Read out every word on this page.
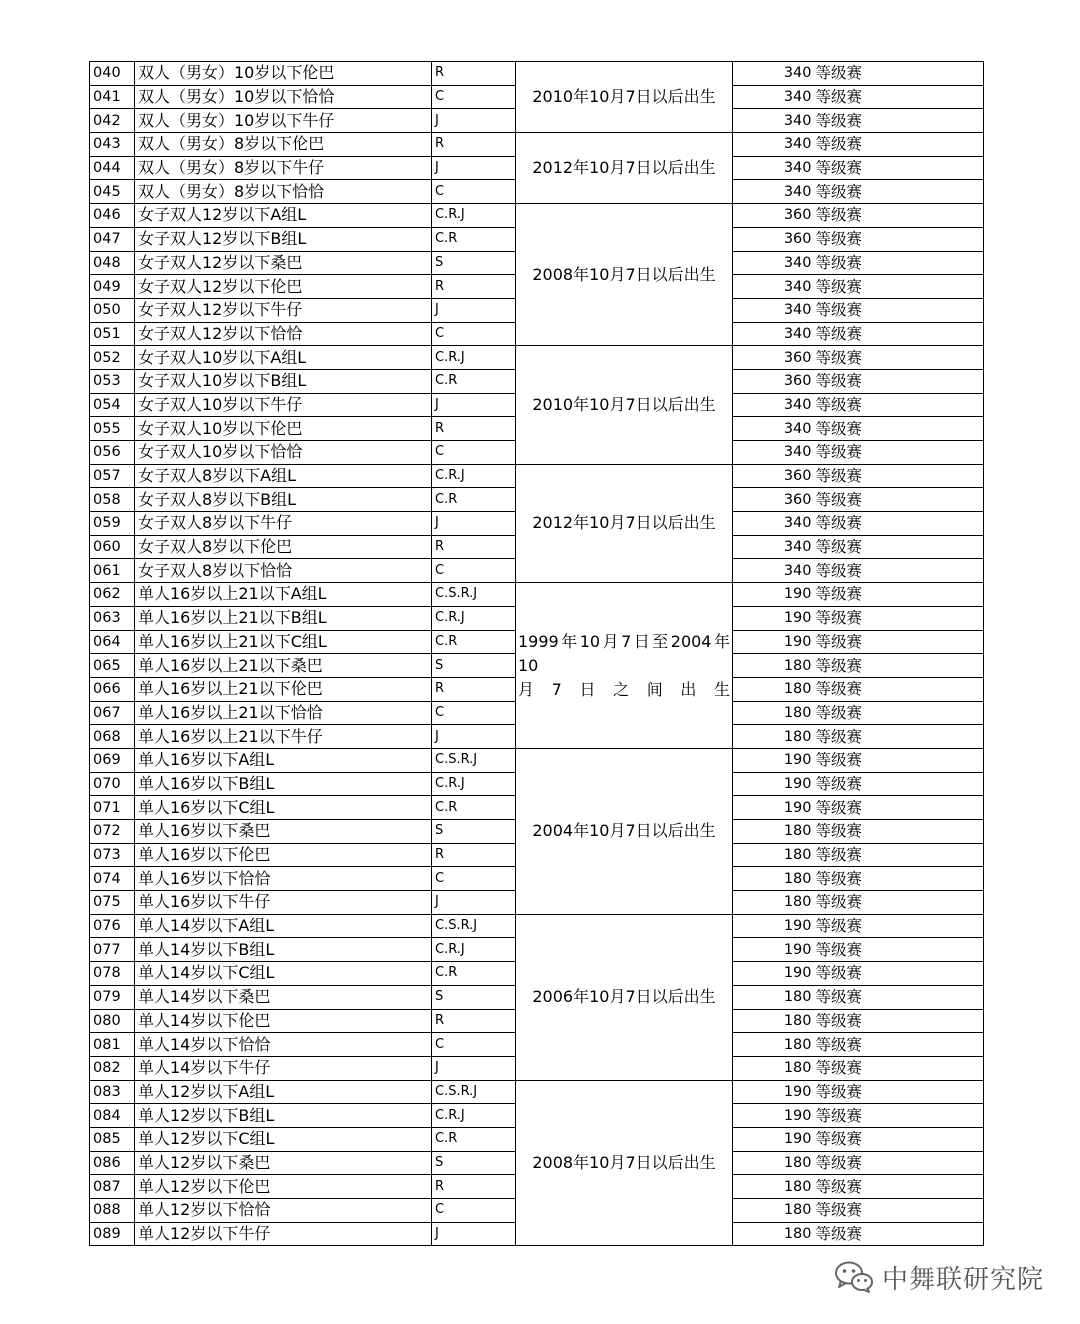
040	双人（男女）10岁以下伦巴	R	2010年10月7日以后出生	340	等级赛
041	双人（男女）10岁以下恰恰	C		340	等级赛
042	双人（男女）10岁以下牛仔	J		340	等级赛
043	双人（男女）8岁以下伦巴	R	2012年10月7日以后出生	340	等级赛
044	双人（男女）8岁以下牛仔	J		340	等级赛
045	双人（男女）8岁以下恰恰	C		340	等级赛
046	女子双人12岁以下A组L	C.R.J	2008年10月7日以后出生	360	等级赛
047	女子双人12岁以下B组L	C.R		360	等级赛
048	女子双人12岁以下桑巴	S		340	等级赛
049	女子双人12岁以下伦巴	R		340	等级赛
050	女子双人12岁以下牛仔	J		340	等级赛
051	女子双人12岁以下恰恰	C		340	等级赛
052	女子双人10岁以下A组L	C.R.J	2010年10月7日以后出生	360	等级赛
053	女子双人10岁以下B组L	C.R		360	等级赛
054	女子双人10岁以下牛仔	J		340	等级赛
055	女子双人10岁以下伦巴	R		340	等级赛
056	女子双人10岁以下恰恰	C		340	等级赛
057	女子双人8岁以下A组L	C.R.J	2012年10月7日以后出生	360	等级赛
058	女子双人8岁以下B组L	C.R		360	等级赛
059	女子双人8岁以下牛仔	J		340	等级赛
060	女子双人8岁以下伦巴	R		340	等级赛
061	女子双人8岁以下恰恰	C		340	等级赛
062	单人16岁以上21以下A组L	C.S.R.J	1999年10月7日至2004年10
月7日之间出生	190	等级赛
063	单人16岁以上21以下B组L	C.R.J		190	等级赛
064	单人16岁以上21以下C组L	C.R		190	等级赛
065	单人16岁以上21以下桑巴	S		180	等级赛
066	单人16岁以上21以下伦巴	R		180	等级赛
067	单人16岁以上21以下恰恰	C		180	等级赛
068	单人16岁以上21以下牛仔	J		180	等级赛
069	单人16岁以下A组L	C.S.R.J	2004年10月7日以后出生	190	等级赛
070	单人16岁以下B组L	C.R.J		190	等级赛
071	单人16岁以下C组L	C.R		190	等级赛
072	单人16岁以下桑巴	S		180	等级赛
073	单人16岁以下伦巴	R		180	等级赛
074	单人16岁以下恰恰	C		180	等级赛
075	单人16岁以下牛仔	J		180	等级赛
076	单人14岁以下A组L	C.S.R.J	2006年10月7日以后出生	190	等级赛
077	单人14岁以下B组L	C.R.J		190	等级赛
078	单人14岁以下C组L	C.R		190	等级赛
079	单人14岁以下桑巴	S		180	等级赛
080	单人14岁以下伦巴	R		180	等级赛
081	单人14岁以下恰恰	C		180	等级赛
082	单人14岁以下牛仔	J		180	等级赛
083	单人12岁以下A组L	C.S.R.J	2008年10月7日以后出生	190	等级赛
084	单人12岁以下B组L	C.R.J		190	等级赛
085	单人12岁以下C组L	C.R		190	等级赛
086	单人12岁以下桑巴	S		180	等级赛
087	单人12岁以下伦巴	R		180	等级赛
088	单人12岁以下恰恰	C		180	等级赛
089	单人12岁以下牛仔	J		180	等级赛
中舞联研究院
